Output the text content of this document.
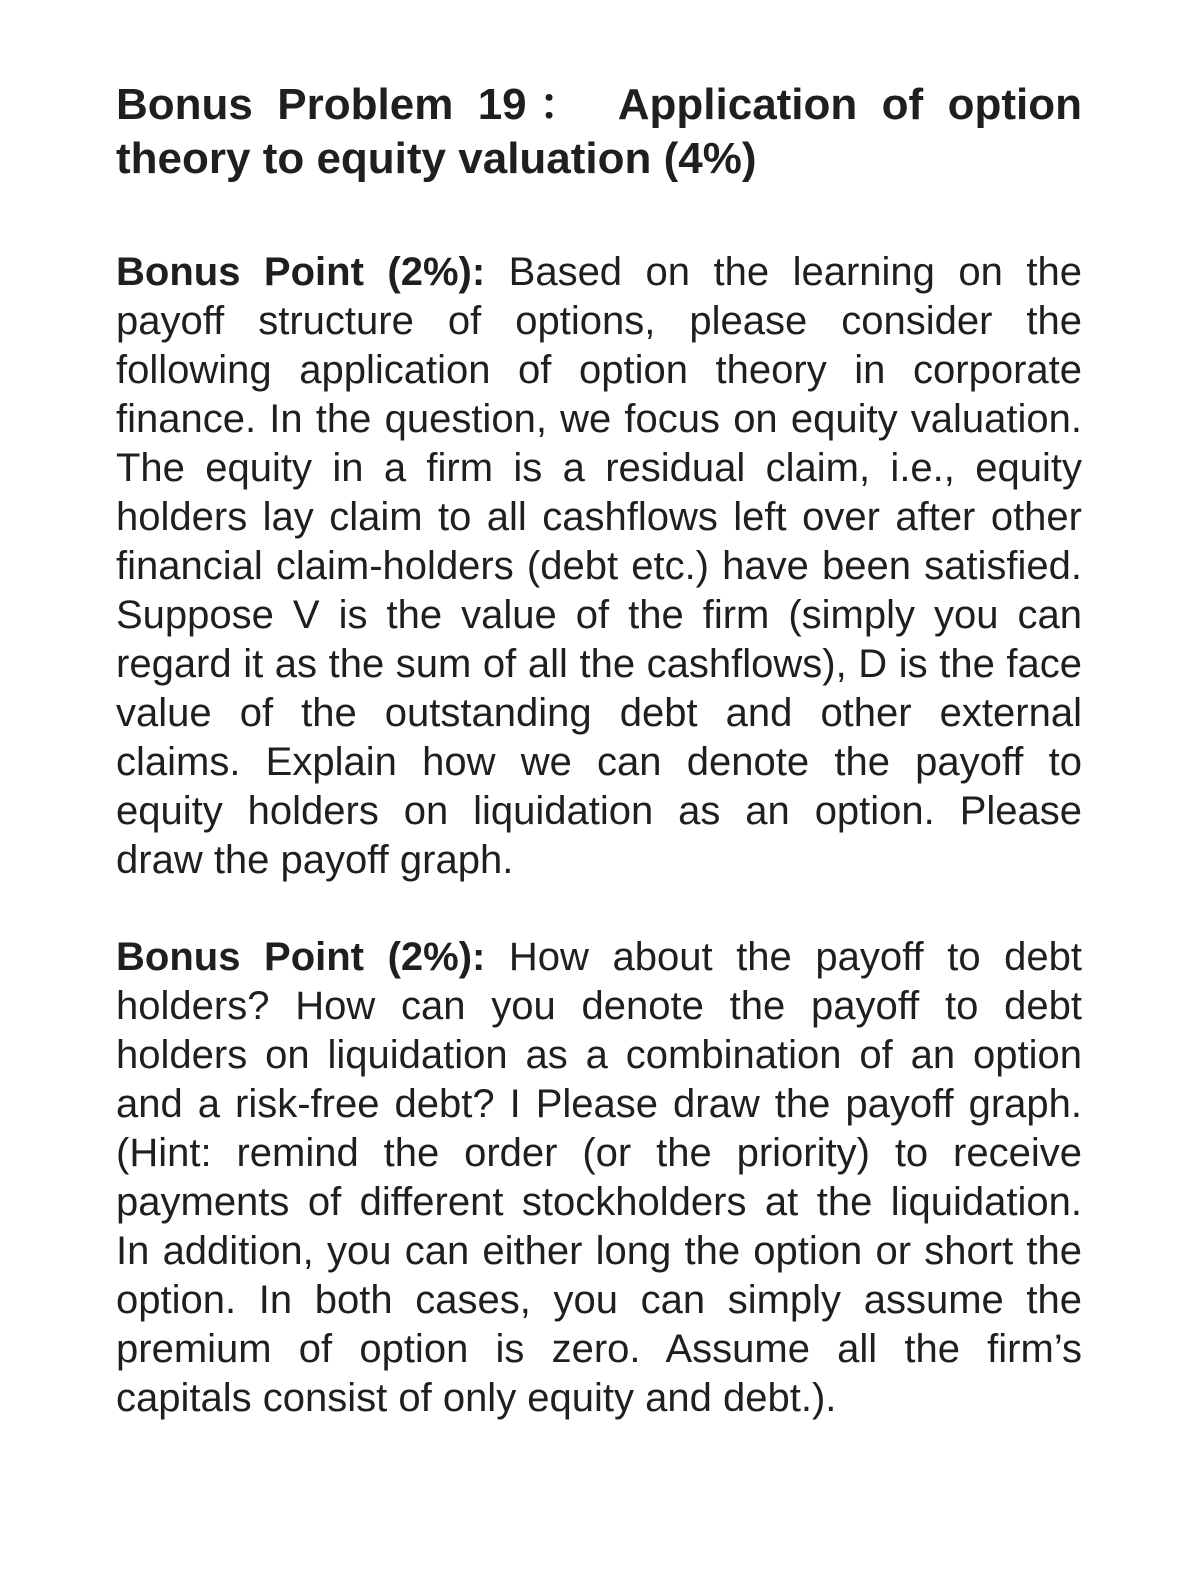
Bonus Problem 19： Application of option theory to equity valuation (4%)

Bonus Point (2%): Based on the learning on the payoff structure of options, please consider the following application of option theory in corporate finance. In the question, we focus on equity valuation. The equity in a firm is a residual claim, i.e., equity holders lay claim to all cashflows left over after other financial claim-holders (debt etc.) have been satisfied. Suppose V is the value of the firm (simply you can regard it as the sum of all the cashflows), D is the face value of the outstanding debt and other external claims. Explain how we can denote the payoff to equity holders on liquidation as an option. Please draw the payoff graph.

Bonus Point (2%): How about the payoff to debt holders? How can you denote the payoff to debt holders on liquidation as a combination of an option and a risk-free debt? I Please draw the payoff graph. (Hint: remind the order (or the priority) to receive payments of different stockholders at the liquidation. In addition, you can either long the option or short the option. In both cases, you can simply assume the premium of option is zero. Assume all the firm’s capitals consist of only equity and debt.).
